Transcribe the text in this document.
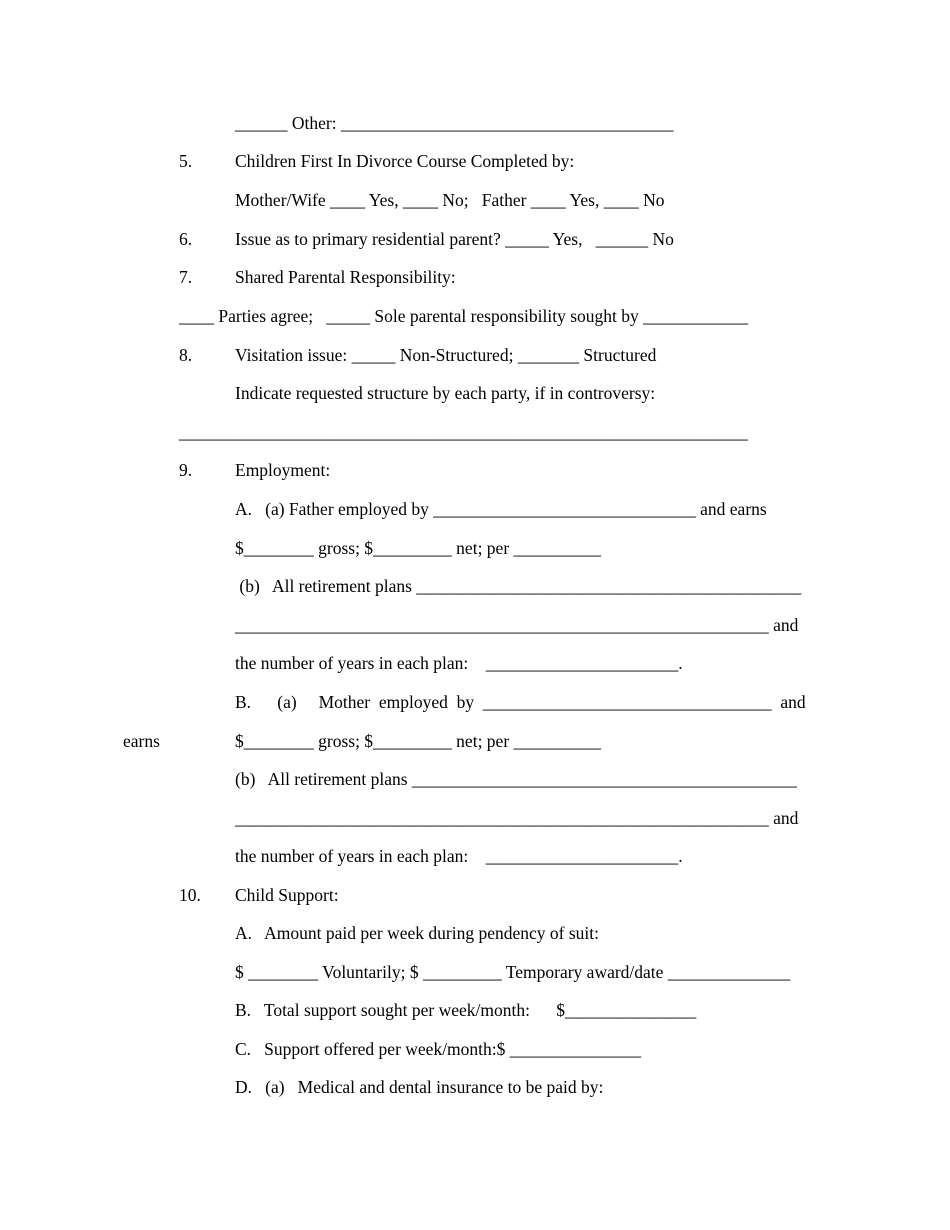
______ Other: ______________________________________
5. Children First In Divorce Course Completed by:
Mother/Wife ____ Yes, ____ No;   Father ____ Yes, ____ No
6. Issue as to primary residential parent? _____ Yes,   ______ No
7. Shared Parental Responsibility:
____ Parties agree;   _____ Sole parental responsibility sought by ____________
8. Visitation issue: _____ Non-Structured; _______ Structured
Indicate requested structure by each party, if in controversy:
_________________________________________________________________
9. Employment:
A.   (a) Father employed by ______________________________ and earns
$________ gross; $_________ net; per __________
(b)   All retirement plans ____________________________________________
_____________________________________________________________ and
the number of years in each plan:    ______________________.
B.      (a)     Mother  employed  by  _________________________________  and
earns	$________ gross; $_________ net; per __________
(b)   All retirement plans ____________________________________________
_____________________________________________________________ and
the number of years in each plan:    ______________________.
10. Child Support:
A.   Amount paid per week during pendency of suit:
$ ________ Voluntarily; $ _________ Temporary award/date ______________
B.   Total support sought per week/month:      $_______________
C.   Support offered per week/month:$ _______________
D.   (a)   Medical and dental insurance to be paid by:
